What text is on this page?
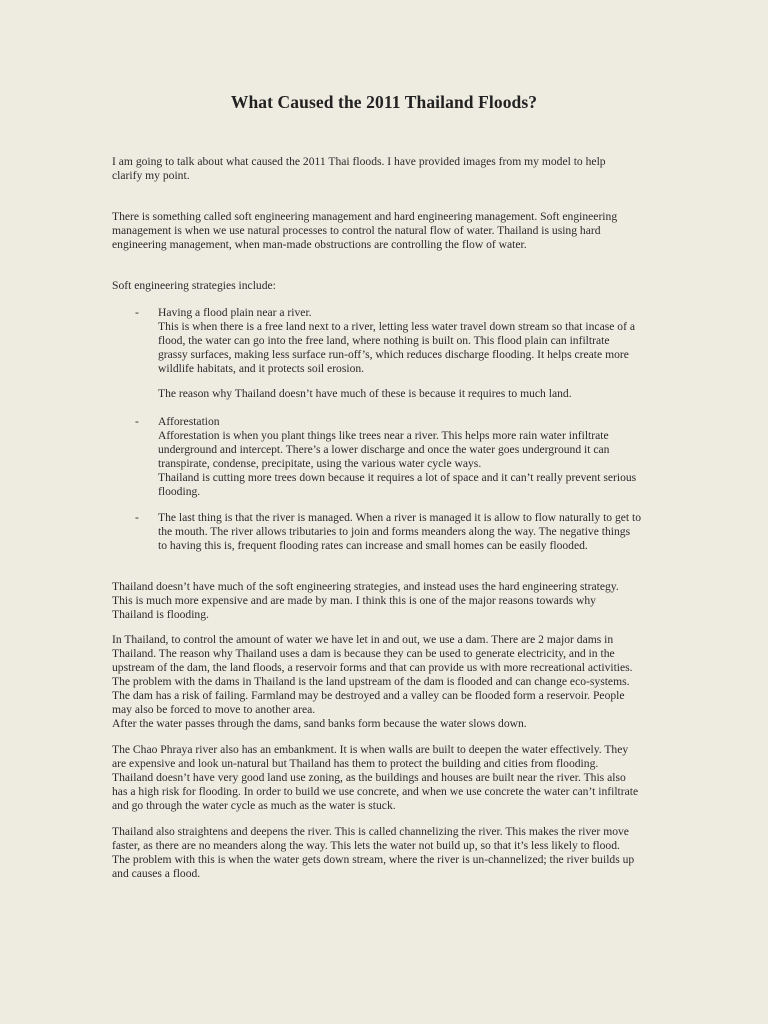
What Caused the 2011 Thailand Floods?

I am going to talk about what caused the 2011 Thai floods. I have provided images from my model to help
clarify my point.

There is something called soft engineering management and hard engineering management. Soft engineering
management is when we use natural processes to control the natural flow of water. Thailand is using hard
engineering management, when man-made obstructions are controlling the flow of water.

Soft engineering strategies include:

- Having a flood plain near a river.
This is when there is a free land next to a river, letting less water travel down stream so that incase of a
flood, the water can go into the free land, where nothing is built on. This flood plain can infiltrate
grassy surfaces, making less surface run-off’s, which reduces discharge flooding. It helps create more
wildlife habitats, and it protects soil erosion.

The reason why Thailand doesn’t have much of these is because it requires to much land.

- Afforestation
Afforestation is when you plant things like trees near a river. This helps more rain water infiltrate
underground and intercept. There’s a lower discharge and once the water goes underground it can
transpirate, condense, precipitate, using the various water cycle ways.
Thailand is cutting more trees down because it requires a lot of space and it can’t really prevent serious
flooding.

- The last thing is that the river is managed. When a river is managed it is allow to flow naturally to get to
the mouth. The river allows tributaries to join and forms meanders along the way. The negative things
to having this is, frequent flooding rates can increase and small homes can be easily flooded.

Thailand doesn’t have much of the soft engineering strategies, and instead uses the hard engineering strategy.
This is much more expensive and are made by man. I think this is one of the major reasons towards why
Thailand is flooding.

In Thailand, to control the amount of water we have let in and out, we use a dam. There are 2 major dams in
Thailand. The reason why Thailand uses a dam is because they can be used to generate electricity, and in the
upstream of the dam, the land floods, a reservoir forms and that can provide us with more recreational activities.
The problem with the dams in Thailand is the land upstream of the dam is flooded and can change eco-systems.
The dam has a risk of failing. Farmland may be destroyed and a valley can be flooded form a reservoir. People
may also be forced to move to another area.
After the water passes through the dams, sand banks form because the water slows down.

The Chao Phraya river also has an embankment. It is when walls are built to deepen the water effectively. They
are expensive and look un-natural but Thailand has them to protect the building and cities from flooding.
Thailand doesn’t have very good land use zoning, as the buildings and houses are built near the river. This also
has a high risk for flooding. In order to build we use concrete, and when we use concrete the water can’t infiltrate
and go through the water cycle as much as the water is stuck.

Thailand also straightens and deepens the river. This is called channelizing the river. This makes the river move
faster, as there are no meanders along the way. This lets the water not build up, so that it’s less likely to flood.
The problem with this is when the water gets down stream, where the river is un-channelized; the river builds up
and causes a flood.
